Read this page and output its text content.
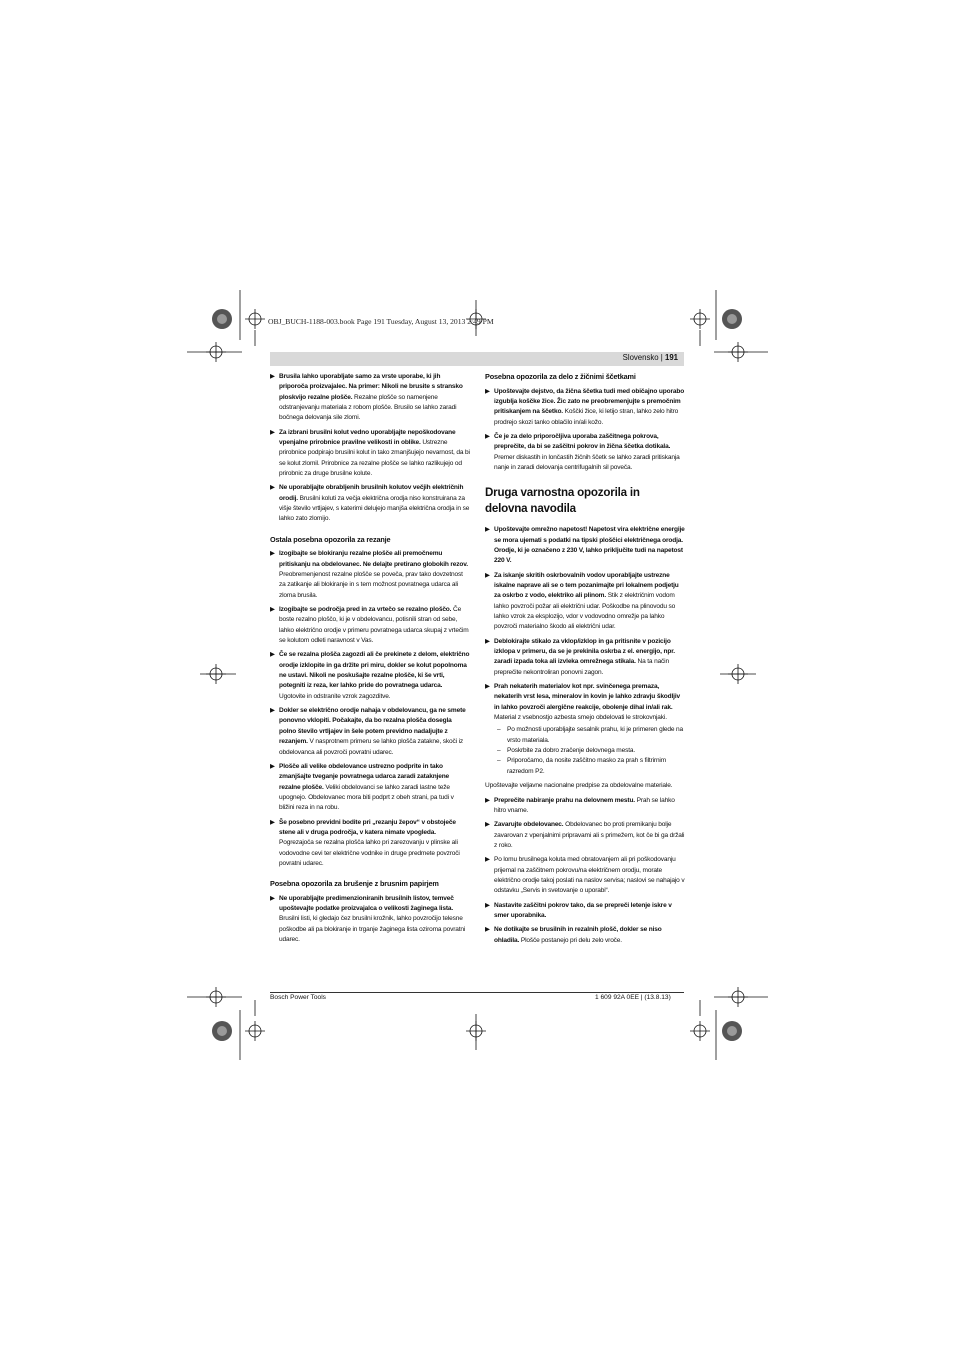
OBJ_BUCH-1188-003.book Page 191 Tuesday, August 13, 2013 2:49 PM
Slovensko | 191
▶ Brusila lahko uporabljate samo za vrste uporabe, ki jih priporoča proizvajalec. Na primer: Nikoli ne brusite s stransko ploskvijo rezalne plošče. Rezalne plošče so namenjene odstranjevanju materiala z robom plošče. Brusilo se lahko zaradi bočnega delovanja sile zlomi.
▶ Za izbrani brusilni kolut vedno uporabljajte nepoškodovane vpenjalne prirobnice pravilne velikosti in oblike. Ustrezne prirobnice podpirajo brusilni kolut in tako zmanjšujejo nevarnost, da bi se kolut zlomil. Prirobnice za rezalne plošče se lahko razlikujejo od prirobnic za druge brusilne kolute.
▶ Ne uporabljajte obrabljenih brusilnih kolutov večjih električnih orodij. Brusilni koluti za večja električna orodja niso konstruirana za višje število vrtljajev, s katerimi delujejo manjša električna orodja in se lahko zato zlomijo.
Ostala posebna opozorila za rezanje
▶ Izogibajte se blokiranju rezalne plošče ali premočnemu pritiskanju na obdelovanec. Ne delajte pretirano globokih rezov. Preobremenjenost rezalne plošče se poveča, prav tako dovzetnost za zatikanje ali blokiranje in s tem možnost povratnega udarca ali zloma brusila.
▶ Izogibajte se področja pred in za vrtečo se rezalno ploščo. Če boste rezalno ploščo, ki je v obdelovancu, potisnili stran od sebe, lahko električno orodje v primeru povratnega udarca skupaj z vrtečim se kolutom odleti naravnost v Vas.
▶ Če se rezalna plošča zagozdi ali če prekinete z delom, električno orodje izklopite in ga držite pri miru, dokler se kolut popolnoma ne ustavi. Nikoli ne poskušajte rezalne plošče, ki še vrti, potegniti iz reza, ker lahko pride do povratnega udarca. Ugotovite in odstranite vzrok zagozditve.
▶ Dokler se električno orodje nahaja v obdelovancu, ga ne smete ponovno vklopiti. Počakajte, da bo rezalna plošča dosegla polno število vrtljajev in šele potem previdno nadaljujte z rezanjem. V nasprotnem primeru se lahko plošča zatakne, skoči iz obdelovanca ali povzroči povratni udarec.
▶ Plošče ali velike obdelovance ustrezno podprite in tako zmanjšajte tveganje povratnega udarca zaradi zataknjene rezalne plošče. Veliki obdelovanci se lahko zaradi lastne teže upognejo. Obdelovanec mora biti podprt z obeh strani, pa tudi v bližini reza in na robu.
▶ Še posebno previdni bodite pri „rezanju žepov“ v obstoječe stene ali v druga področja, v katera nimate vpogleda. Pogrezajoča se rezalna plošča lahko pri zarezovanju v plinske ali vodovodne cevi ter električne vodnike in druge predmete povzroči povratni udarec.
Posebna opozorila za brušenje z brusnim papirjem
▶ Ne uporabljajte predimenzioniranih brusilnih listov, temveč upoštevajte podatke proizvajalca o velikosti žaginega lista. Brusilni listi, ki gledajo čez brusilni krožnik, lahko povzročijo telesne poškodbe ali pa blokiranje in trganje žaginega lista oziroma povratni udarec.
Posebna opozorila za delo z žičnimi ščetkami
▶ Upoštevajte dejstvo, da žična ščetka tudi med običajno uporabo izgublja koščke žice. Žic zato ne preobremenjujte s premočnim pritiskanjem na ščetko. Koščki žice, ki letijo stran, lahko zelo hitro prodrejo skozi tanko oblačilo in/ali kožo.
▶ Če je za delo priporočljiva uporaba zaščitnega pokrova, preprečite, da bi se zaščitni pokrov in žična ščetka dotikala. Premer diskastih in lončastih žičnih ščetk se lahko zaradi pritiskanja nanje in zaradi delovanja centrifugalnih sil poveča.
Druga varnostna opozorila in delovna navodila
▶ Upoštevajte omrežno napetost! Napetost vira električne energije se mora ujemati s podatki na tipski ploščici električnega orodja. Orodje, ki je označeno z 230 V, lahko priključite tudi na napetost 220 V.
▶ Za iskanje skritih oskrbovalnih vodov uporabljajte ustrezne iskalne naprave ali se o tem pozanimajte pri lokalnem podjetju za oskrbo z vodo, elektriko ali plinom. Stik z električnim vodom lahko povzroči požar ali električni udar. Poškodbe na plinovodu so lahko vzrok za eksplozijo, vdor v vodovodno omrežje pa lahko povzroči materialno škodo ali električni udar.
▶ Deblokirajte stikalo za vklop/izklop in ga pritisnite v pozicijo izklopa v primeru, da se je prekinila oskrba z el. energijo, npr. zaradi izpada toka ali izvleka omrežnega stikala. Na ta način preprečite nekontroliran ponovni zagon.
▶ Prah nekaterih materialov kot npr. svinčenega premaza, nekaterih vrst lesa, mineralov in kovin je lahko zdravju škodljiv in lahko povzroči alergične reakcije, obolenje dihal in/ali rak. Material z vsebnostjo azbesta smejo obdelovati le strokovnjaki.
– Po možnosti uporabljajte sesalnik prahu, ki je primeren glede na vrsto materiala.
– Poskrbite za dobro zračenje delovnega mesta.
– Priporočamo, da nosite zaščitno masko za prah s filtrirnim razredom P2.
Upoštevajte veljavne nacionalne predpise za obdelovalne materiale.
▶ Preprečite nabiranje prahu na delovnem mestu. Prah se lahko hitro vname.
▶ Zavarujte obdelovanec. Obdelovanec bo proti premikanju bolje zavarovan z vpenjalnimi pripravami ali s primežem, kot če bi ga držali z roko.
▶ Po lomu brusilnega koluta med obratovanjem ali pri poškodovanju prijemal na zaščitnem pokrovu/na električnem orodju, morate električno orodje takoj poslati na naslov servisa; naslovi se nahajajo v odstavku „Servis in svetovanje o uporabi“.
▶ Nastavite zaščitni pokrov tako, da se prepreči letenje iskre v smer uporabnika.
▶ Ne dotikajte se brusilnih in rezalnih plošč, dokler se niso ohladila. Plošče postanejo pri delu zelo vroče.
Bosch Power Tools	1 609 92A 0EE | (13.8.13)
